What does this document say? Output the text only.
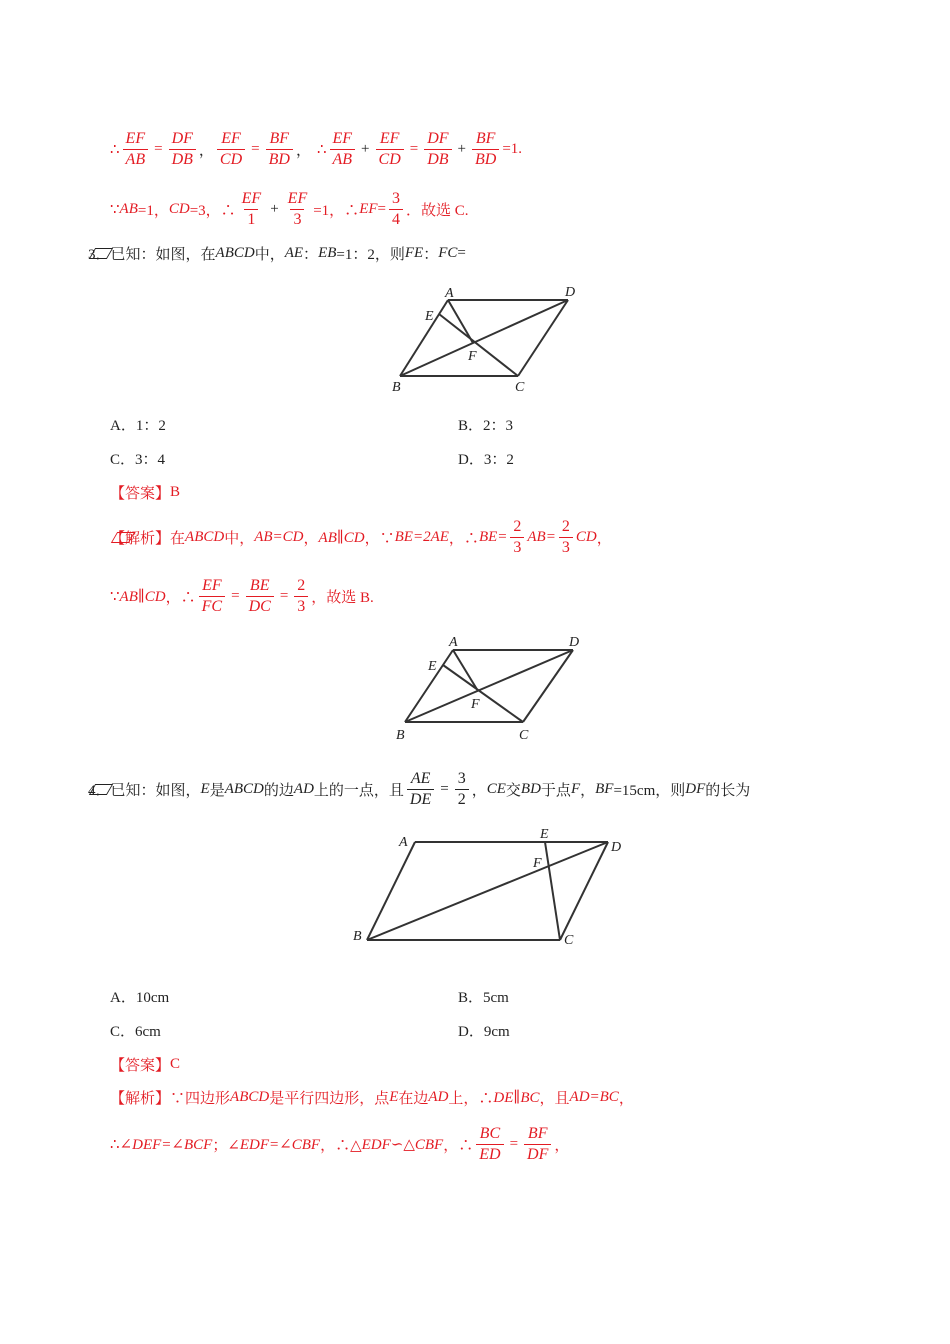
∴ $\frac{EF}{AB} = \frac{DF}{DB}$ ， $\frac{EF}{CD} = \frac{BF}{BD}$ ， ∴ $\frac{EF}{AB} + \frac{EF}{CD} = \frac{DF}{DB} + \frac{BF}{BD} =1$.
∵ AB =1， CD =3，∴ $\frac{EF}{1} + \frac{EF}{3} =1$，∴ EF = $\frac{3}{4}$ ．故选 C.
3． 已知：如图，在 ABCD 中， AE ： EB =1：2，则 FE ： FC =
A	D
E
F
B	C
A．1：2	B．2：3
C．3：4	D．3：2
【答案】 B
【解析】 在 ABCD 中， AB=CD ， AB∥CD ，∵ BE=2AE ，∴ $BE= \frac{2}{3} AB= \frac{2}{3}$ CD ，
∵ AB∥CD ，∴ $\frac{EF}{FC} = \frac{BE}{DC} = \frac{2}{3}$ ，故选 B.
A	D
E
F
B	C
4． 已知：如图， E 是 ABCD 的边 AD 上的一点，且 $\frac{AE}{DE} = \frac{3}{2}$ ， CE 交 BD 于点 F ， BF =15cm，则 DF 的长为
A
E
D
F
B	C
A．10cm	B．5cm
C．6cm	D．9cm
【答案】 C
【解析】 ∵四边形 ABCD 是平行四边形，点 E 在边 AD 上，∴ DE∥BC ，且 AD=BC ，
∴∠ DEF=∠BCF ；∠ EDF=∠CBF ，∴△ EDF∽△CBF ，∴ $\frac{BC}{ED} = \frac{BF}{DF}$ ，
